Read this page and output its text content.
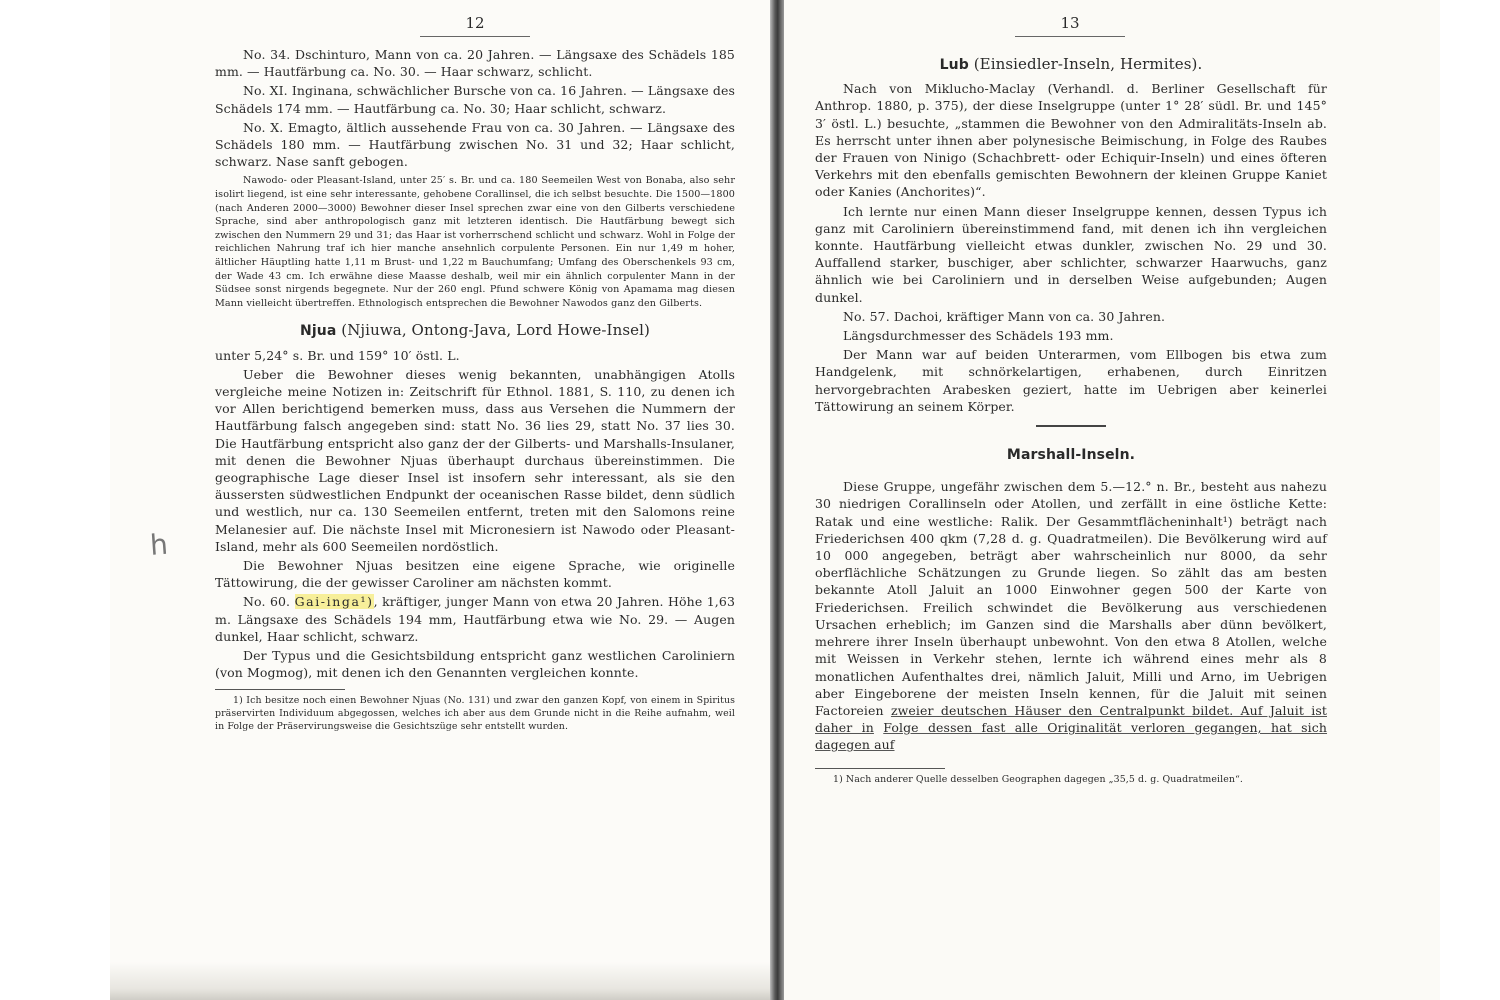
12
h

No. 34. Dschinturo, Mann von ca. 20 Jahren. — Längsaxe des Schädels 185 mm. — Hautfärbung ca. No. 30. — Haar schwarz, schlicht.

No. XI. Inginana, schwächlicher Bursche von ca. 16 Jahren. — Längsaxe des Schädels 174 mm. — Hautfärbung ca. No. 30; Haar schlicht, schwarz.

No. X. Emagto, ältlich aussehende Frau von ca. 30 Jahren. — Längsaxe des Schädels 180 mm. — Hautfärbung zwischen No. 31 und 32; Haar schlicht, schwarz. Nase sanft gebogen.

Nawodo- oder Pleasant-Island, unter 25′ s. Br. und ca. 180 Seemeilen West von Bonaba, also sehr isolirt liegend, ist eine sehr interessante, gehobene Corallinsel, die ich selbst besuchte. Die 1500—1800 (nach Anderen 2000—3000) Bewohner dieser Insel sprechen zwar eine von den Gilberts verschiedene Sprache, sind aber anthropologisch ganz mit letzteren identisch. Die Hautfärbung bewegt sich zwischen den Nummern 29 und 31; das Haar ist vorherrschend schlicht und schwarz. Wohl in Folge der reichlichen Nahrung traf ich hier manche ansehnlich corpulente Personen. Ein nur 1,49 m hoher, ältlicher Häuptling hatte 1,11 m Brust- und 1,22 m Bauchumfang; Umfang des Oberschenkels 93 cm, der Wade 43 cm. Ich erwähne diese Maasse deshalb, weil mir ein ähnlich corpulenter Mann in der Südsee sonst nirgends begegnete. Nur der 260 engl. Pfund schwere König von Apamama mag diesen Mann vielleicht übertreffen. Ethnologisch entsprechen die Bewohner Nawodos ganz den Gilberts.

Njua (Njiuwa, Ontong-Java, Lord Howe-Insel)

unter 5,24° s. Br. und 159° 10′ östl. L.

Ueber die Bewohner dieses wenig bekannten, unabhängigen Atolls vergleiche meine Notizen in: Zeitschrift für Ethnol. 1881, S. 110, zu denen ich vor Allen berichtigend bemerken muss, dass aus Versehen die Nummern der Hautfärbung falsch angegeben sind: statt No. 36 lies 29, statt No. 37 lies 30. Die Hautfärbung entspricht also ganz der der Gilberts- und Marshalls-Insulaner, mit denen die Bewohner Njuas überhaupt durchaus übereinstimmen. Die geographische Lage dieser Insel ist insofern sehr interessant, als sie den äussersten südwestlichen Endpunkt der oceanischen Rasse bildet, denn südlich und westlich, nur ca. 130 Seemeilen entfernt, treten mit den Salomons reine Melanesier auf. Die nächste Insel mit Micronesiern ist Nawodo oder Pleasant-Island, mehr als 600 Seemeilen nordöstlich.

Die Bewohner Njuas besitzen eine eigene Sprache, wie originelle Tättowirung, die der gewisser Caroliner am nächsten kommt.

No. 60. Gai-inga¹), kräftiger, junger Mann von etwa 20 Jahren. Höhe 1,63 m. Längsaxe des Schädels 194 mm, Hautfärbung etwa wie No. 29. — Augen dunkel, Haar schlicht, schwarz.

Der Typus und die Gesichtsbildung entspricht ganz westlichen Caroliniern (von Mogmog), mit denen ich den Genannten vergleichen konnte.

1) Ich besitze noch einen Bewohner Njuas (No. 131) und zwar den ganzen Kopf, von einem in Spiritus präservirten Individuum abgegossen, welches ich aber aus dem Grunde nicht in die Reihe aufnahm, weil in Folge der Präservirungsweise die Gesichtszüge sehr entstellt wurden.

13
Lub (Einsiedler-Inseln, Hermites).

Nach von Miklucho-Maclay (Verhandl. d. Berliner Gesellschaft für Anthrop. 1880, p. 375), der diese Inselgruppe (unter 1° 28′ südl. Br. und 145° 3′ östl. L.) besuchte, „stammen die Bewohner von den Admiralitäts-Inseln ab. Es herrscht unter ihnen aber polynesische Beimischung, in Folge des Raubes der Frauen von Ninigo (Schachbrett- oder Echiquir-Inseln) und eines öfteren Verkehrs mit den ebenfalls gemischten Bewohnern der kleinen Gruppe Kaniet oder Kanies (Anchorites)“.

Ich lernte nur einen Mann dieser Inselgruppe kennen, dessen Typus ich ganz mit Caroliniern übereinstimmend fand, mit denen ich ihn vergleichen konnte. Hautfärbung vielleicht etwas dunkler, zwischen No. 29 und 30. Auffallend starker, buschiger, aber schlichter, schwarzer Haarwuchs, ganz ähnlich wie bei Caroliniern und in derselben Weise aufgebunden; Augen dunkel.

No. 57. Dachoi, kräftiger Mann von ca. 30 Jahren.

Längsdurchmesser des Schädels 193 mm.

Der Mann war auf beiden Unterarmen, vom Ellbogen bis etwa zum Handgelenk, mit schnörkelartigen, erhabenen, durch Einritzen hervorgebrachten Arabesken geziert, hatte im Uebrigen aber keinerlei Tättowirung an seinem Körper.

Marshall-Inseln.

Diese Gruppe, ungefähr zwischen dem 5.—12.° n. Br., besteht aus nahezu 30 niedrigen Corallinseln oder Atollen, und zerfällt in eine östliche Kette: Ratak und eine westliche: Ralik. Der Gesammtflächeninhalt¹) beträgt nach Friederichsen 400 qkm (7,28 d. g. Quadratmeilen). Die Bevölkerung wird auf 10 000 angegeben, beträgt aber wahrscheinlich nur 8000, da sehr oberflächliche Schätzungen zu Grunde liegen. So zählt das am besten bekannte Atoll Jaluit an 1000 Einwohner gegen 500 der Karte von Friederichsen. Freilich schwindet die Bevölkerung aus verschiedenen Ursachen erheblich; im Ganzen sind die Marshalls aber dünn bevölkert, mehrere ihrer Inseln überhaupt unbewohnt. Von den etwa 8 Atollen, welche mit Weissen in Verkehr stehen, lernte ich während eines mehr als 8 monatlichen Aufenthaltes drei, nämlich Jaluit, Milli und Arno, im Uebrigen aber Eingeborene der meisten Inseln kennen, für die Jaluit mit seinen Factoreien zweier deutschen Häuser den Centralpunkt bildet. Auf Jaluit ist daher in Folge dessen fast alle Originalität verloren gegangen, hat sich dagegen auf

1) Nach anderer Quelle desselben Geographen dagegen „35,5 d. g. Quadratmeilen“.
